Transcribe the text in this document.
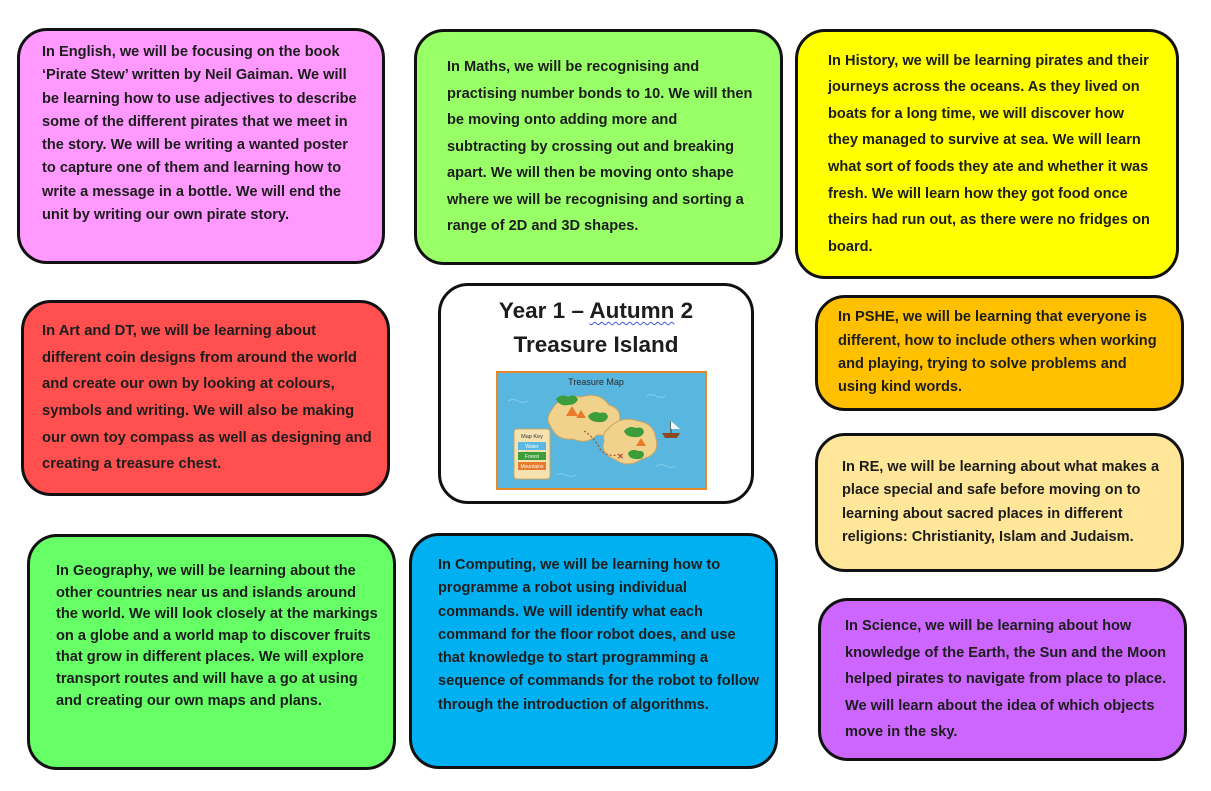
In English, we will be focusing on the book ‘Pirate Stew’ written by Neil Gaiman. We will be learning how to use adjectives to describe some of the different pirates that we meet in the story. We will be writing a wanted poster to capture one of them and learning how to write a message in a bottle. We will end the unit by writing our own pirate story.

In Maths, we will be recognising and practising number bonds to 10. We will then be moving onto adding more and subtracting by crossing out and breaking apart. We will then be moving onto shape where we will be recognising and sorting a range of 2D and 3D shapes.

In History, we will be learning pirates and their journeys across the oceans. As they lived on boats for a long time, we will discover how they managed to survive at sea. We will learn what sort of foods they ate and whether it was fresh. We will learn how they got food once theirs had run out, as there were no fridges on board.

In Art and DT, we will be learning about different coin designs from around the world and create our own by looking at colours, symbols and writing. We will also be making our own toy compass as well as designing and creating a treasure chest.

Year 1 – Autumn 2
Treasure Island
Treasure Map
✕
Map Key
Water
Forest
Mountains

In PSHE, we will be learning that everyone is different, how to include others when working and playing, trying to solve problems and using kind words.

In RE, we will be learning about what makes a place special and safe before moving on to learning about sacred places in different religions: Christianity, Islam and Judaism.

In Geography, we will be learning about the other countries near us and islands around the world. We will look closely at the markings on a globe and a world map to discover fruits that grow in different places. We will explore transport routes and will have a go at using and creating our own maps and plans.

In Computing, we will be learning how to programme a robot using individual commands. We will identify what each command for the floor robot does, and use that knowledge to start programming a sequence of commands for the robot to follow through the introduction of algorithms.

In Science, we will be learning about how knowledge of the Earth, the Sun and the Moon helped pirates to navigate from place to place. We will learn about the idea of which objects move in the sky.
